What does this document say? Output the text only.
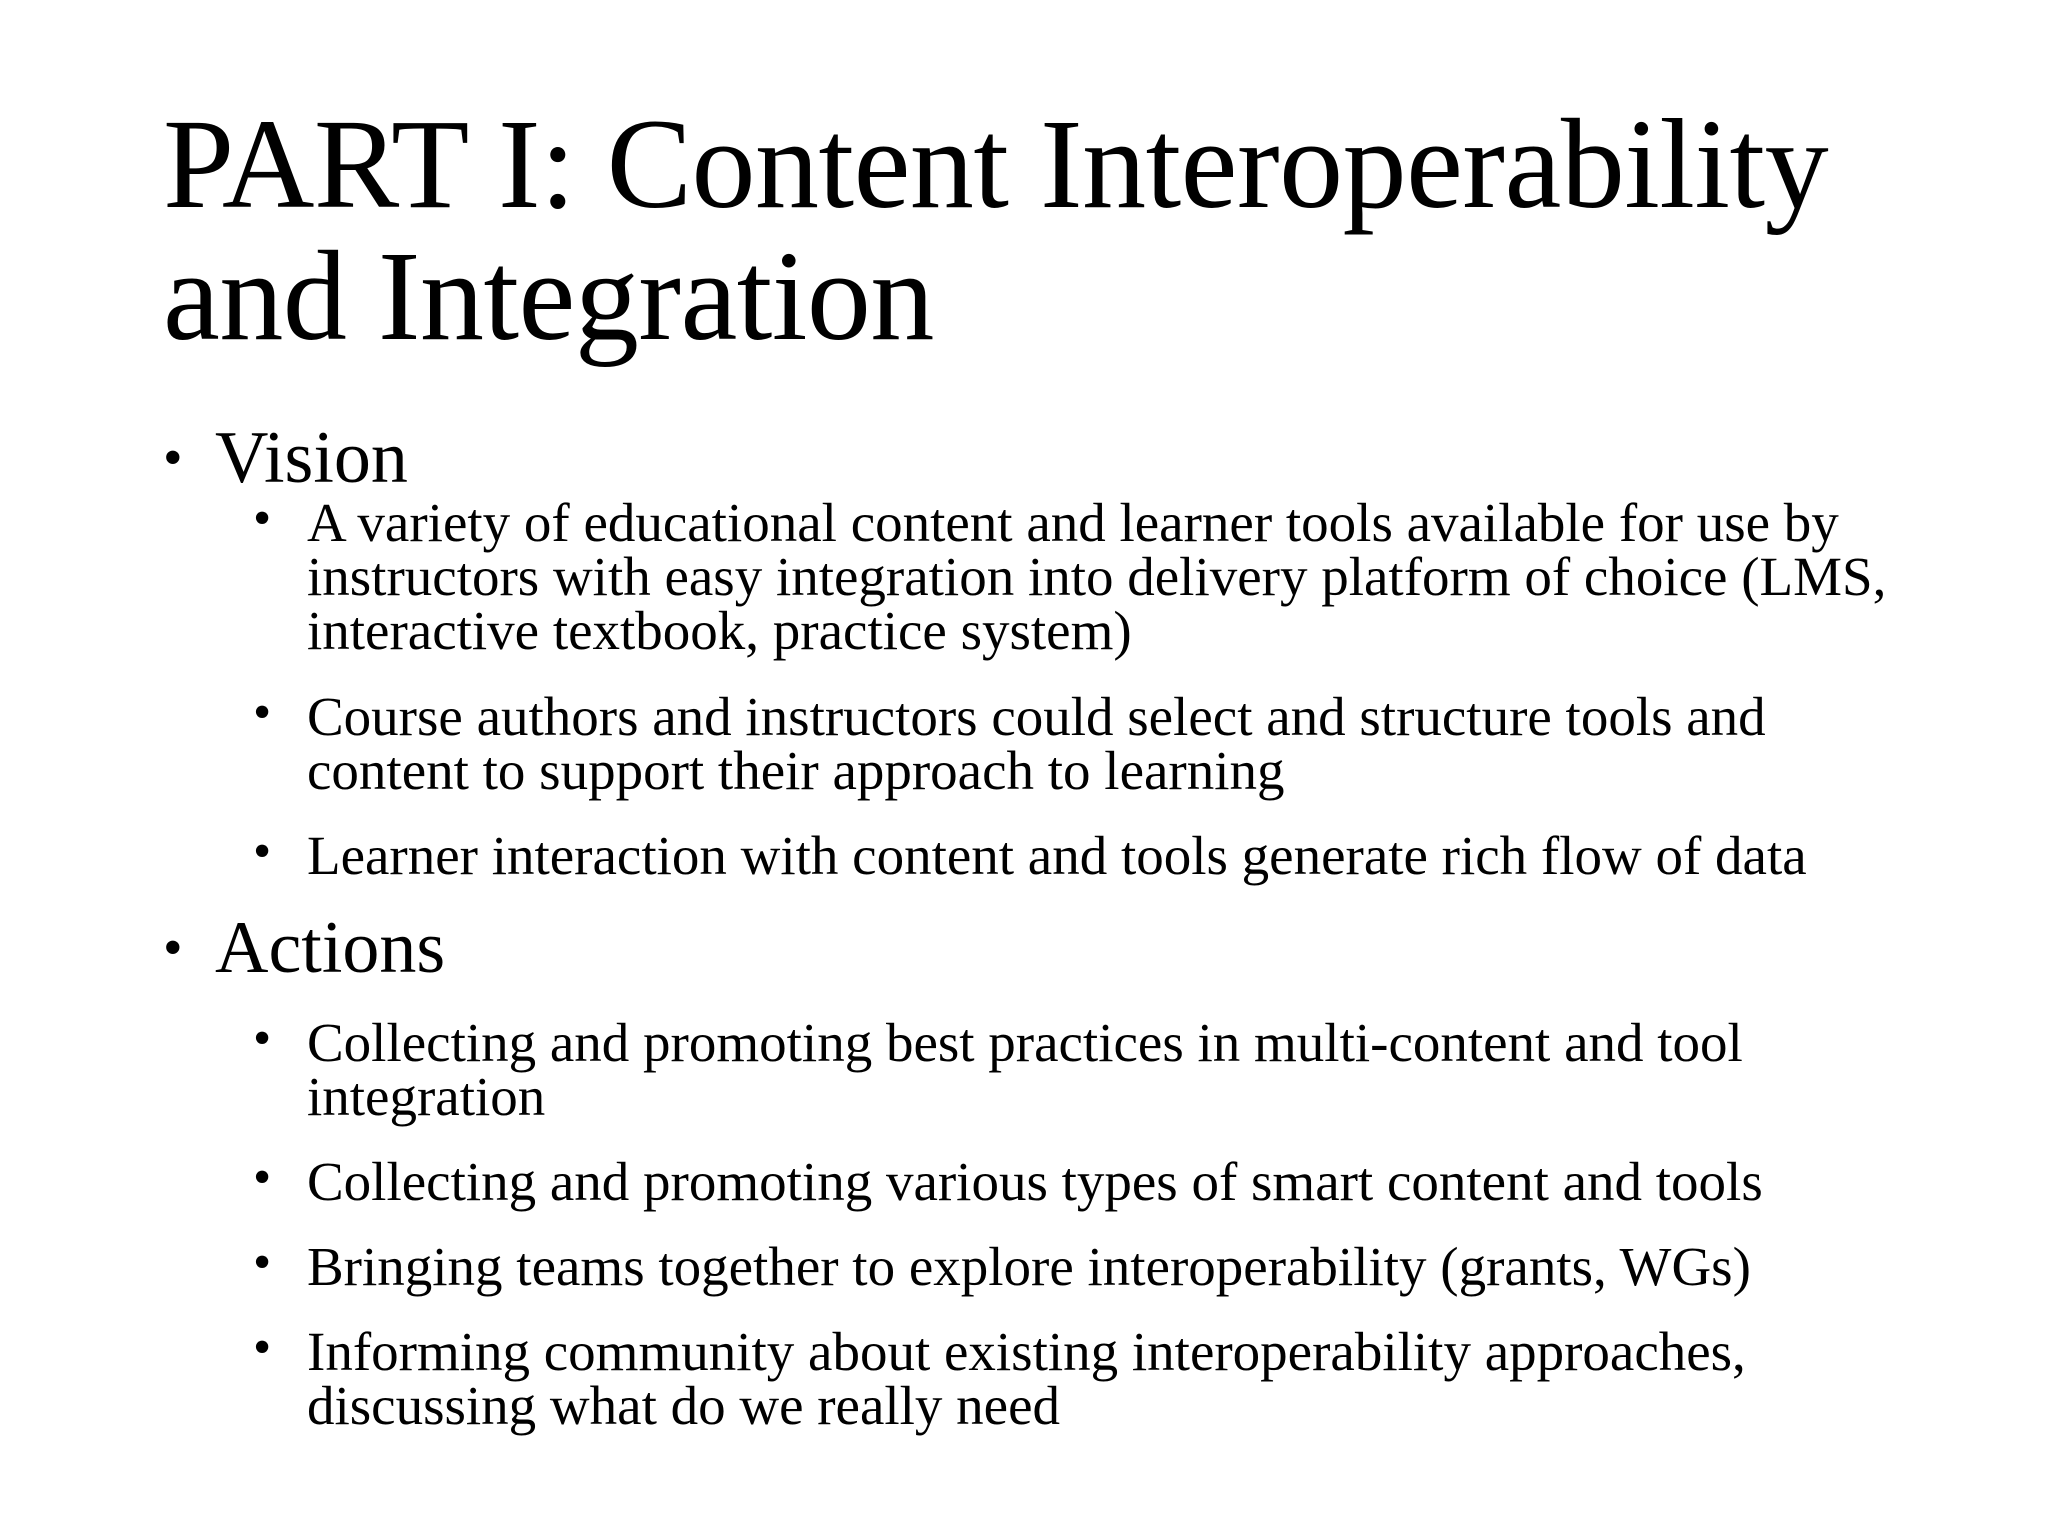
PART I: Content Interoperability
and Integration
• Vision
• A variety of educational content and learner tools available for use by instructors with easy integration into delivery platform of choice (LMS, interactive textbook, practice system)
• Course authors and instructors could select and structure tools and content to support their approach to learning
• Learner interaction with content and tools generate rich flow of data
• Actions
• Collecting and promoting best practices in multi-content and tool integration
• Collecting and promoting various types of smart content and tools
• Bringing teams together to explore interoperability (grants, WGs)
• Informing community about existing interoperability approaches, discussing what do we really need
